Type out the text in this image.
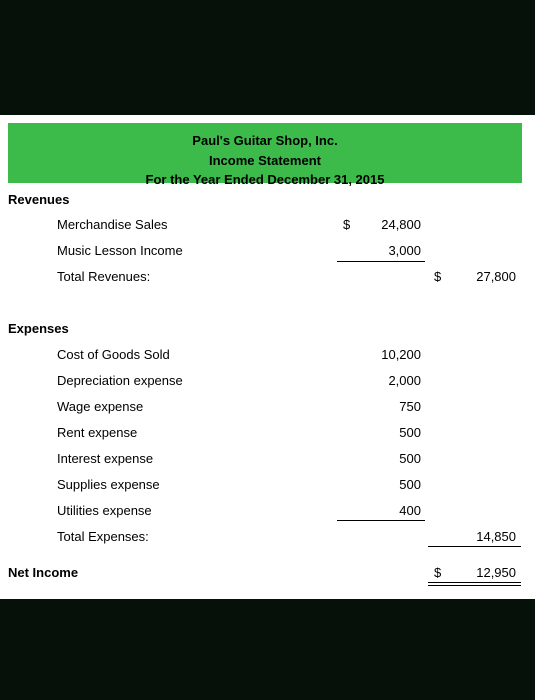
Paul's Guitar Shop, Inc.
Income Statement
For the Year Ended December 31, 2015
Revenues
Merchandise Sales	$	24,800
Music Lesson Income	3,000
Total Revenues:	$	27,800
Expenses
Cost of Goods Sold	10,200
Depreciation expense	2,000
Wage expense	750
Rent expense	500
Interest expense	500
Supplies expense	500
Utilities expense	400
Total Expenses:	14,850
Net Income	$	12,950
